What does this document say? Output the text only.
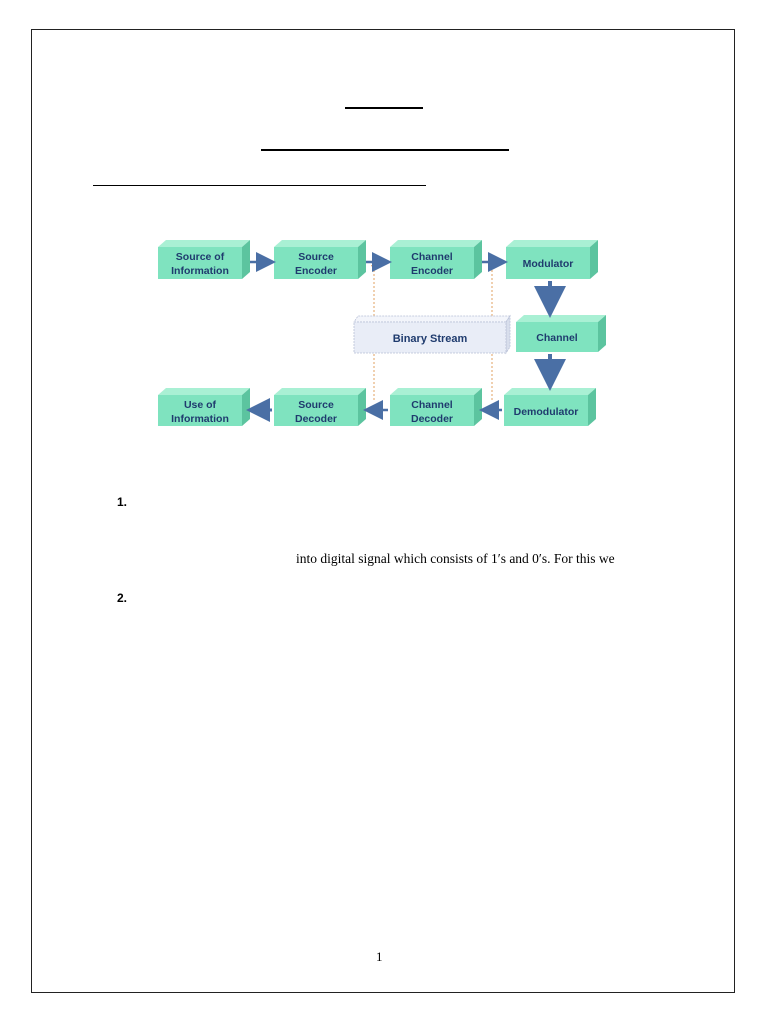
Binary Stream
Source of
Information
Source
Encoder
Channel
Encoder
Modulator
Channel
Use of
Information
Source
Decoder
Channel
Decoder
Demodulator
1.
into digital signal which consists of 1′s and 0′s. For this we
2.
1
